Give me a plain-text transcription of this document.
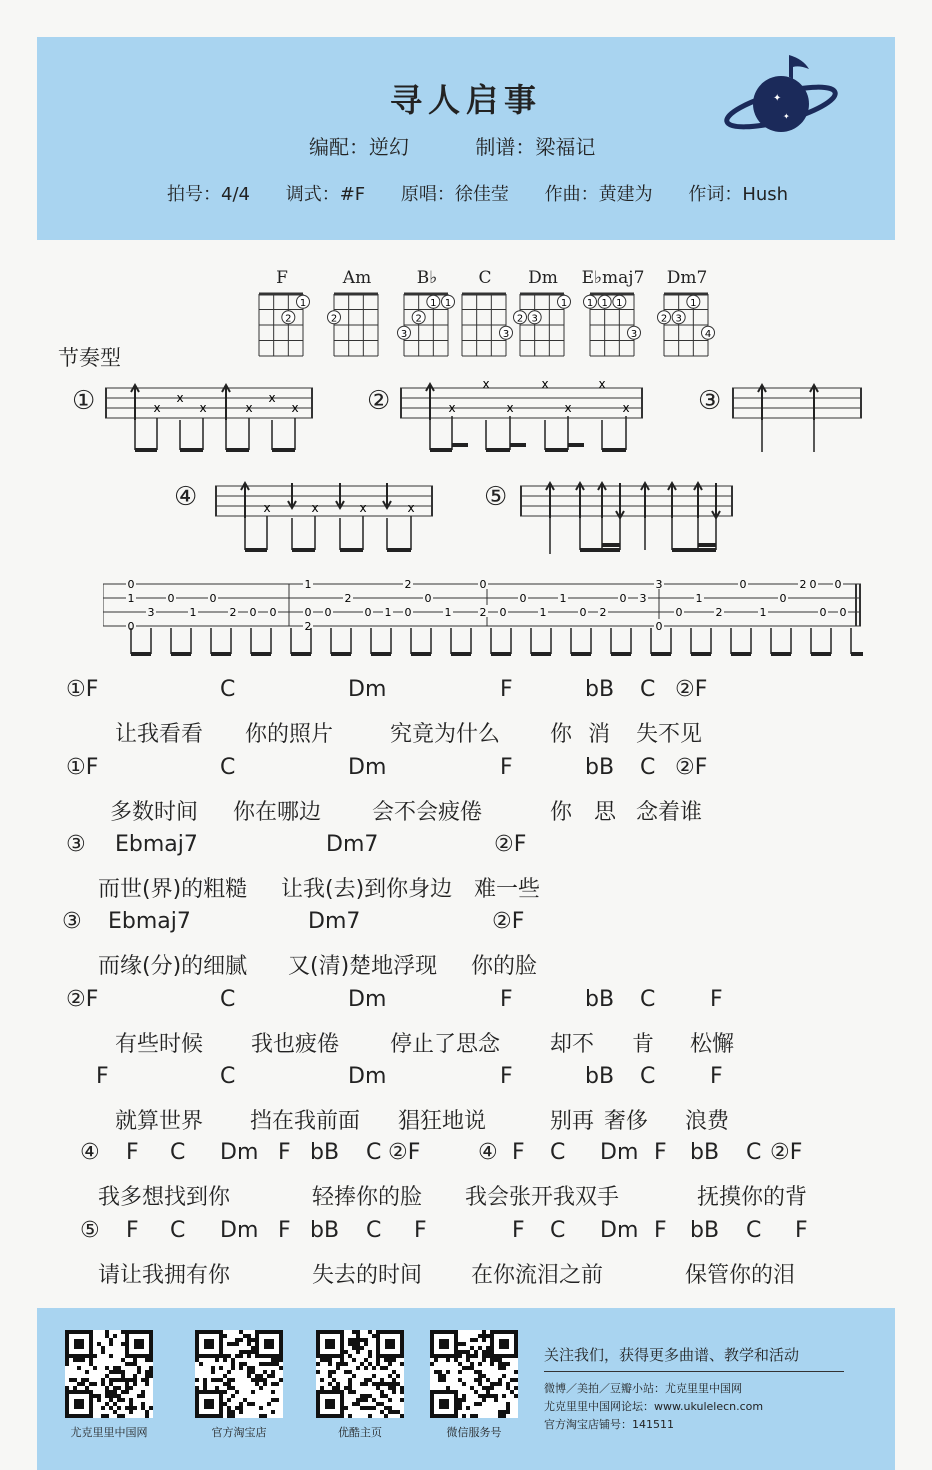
寻人启事
编配：逆幻	制谱：梁福记
拍号：4/4 调式：#F 原唱：徐佳莹 作曲：黄建为 作词：Hush
✦
✦
F
2
1
Am
2
B♭
3
2
1 1
C
3
Dm
2 3
1
E♭maj7
1 1 1
3
Dm7
2 3
1
4
节奏型
①	②	③
④	⑤
x
x
x	x
x
x	x
x
x
x
x
x
x
x	x	x	x
0
1
0
3
0
1
0
2 0 0
1
0
2
0
2
0 1
2
0
0
1
0
2 0
0
1
1
0 2
0 3
3
0
0
1
2
0
1
0
2
0 0
0 0
①F	C	Dm	F	bB C ②F
让我看看 你的照片	究竟为什么 你 消 失不见
①F	C	Dm	F	bB C ②F
多数时间 你在哪边 会不会疲倦	你 思 念着谁
③ Ebmaj7	Dm7	②F
而世(界)的粗糙 让我(去)到你身边 难一些
③ Ebmaj7	Dm7	②F
而缘(分)的细腻 又(清)楚地浮现 你的脸
②F	C	Dm	F	bB C F
有些时候 我也疲倦 停止了思念 却不 肯 松懈
F	C	Dm	F	bB C F
就算世界 挡在我前面 猖狂地说	别再 奢侈 浪费
④ F C Dm F bB C ②F	④ F C Dm F bB C ②F
我多想找到你	轻捧你的脸 我会张开我双手	抚摸你的背
⑤ F C Dm F bB C F	F C Dm F bB C F
请让我拥有你	失去的时间 在你流泪之前	保管你的泪
尤克里里中国网	官方淘宝店	优酷主页	微信服务号
关注我们，获得更多曲谱、教学和活动
微博／美拍／豆瓣小站：尤克里里中国网
尤克里里中国网论坛：www.ukulelecn.com
官方淘宝店铺号：141511
